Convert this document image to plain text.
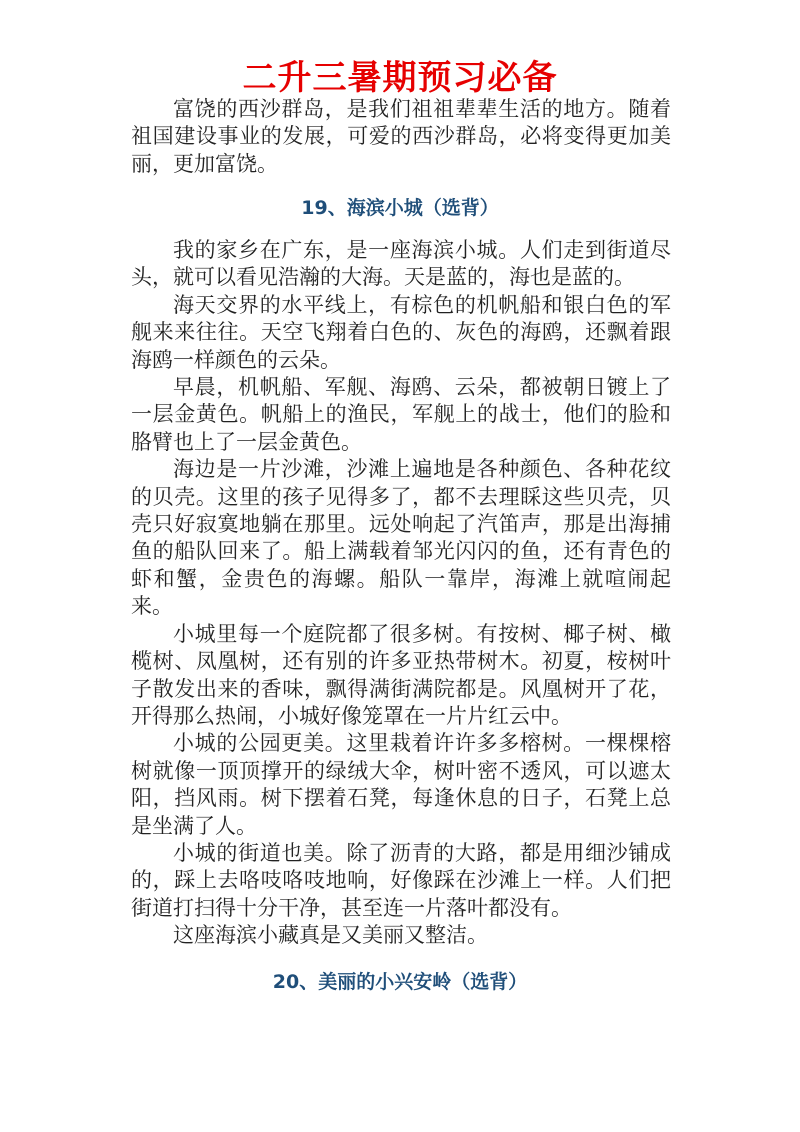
二升三暑期预习必备

富饶的西沙群岛，是我们祖祖辈辈生活的地方。随着祖国建设事业的发展，可爱的西沙群岛，必将变得更加美丽，更加富饶。

19、海滨小城（选背）

我的家乡在广东，是一座海滨小城。人们走到街道尽头，就可以看见浩瀚的大海。天是蓝的，海也是蓝的。

海天交界的水平线上，有棕色的机帆船和银白色的军舰来来往往。天空飞翔着白色的、灰色的海鸥，还飘着跟海鸥一样颜色的云朵。

早晨，机帆船、军舰、海鸥、云朵，都被朝日镀上了一层金黄色。帆船上的渔民，军舰上的战士，他们的脸和胳臂也上了一层金黄色。

海边是一片沙滩，沙滩上遍地是各种颜色、各种花纹的贝壳。这里的孩子见得多了，都不去理睬这些贝壳，贝壳只好寂寞地躺在那里。远处响起了汽笛声，那是出海捕鱼的船队回来了。船上满载着邹光闪闪的鱼，还有青色的虾和蟹，金贵色的海螺。船队一靠岸，海滩上就喧闹起来。

小城里每一个庭院都了很多树。有按树、椰子树、橄榄树、凤凰树，还有别的许多亚热带树木。初夏，桉树叶子散发出来的香味，飘得满街满院都是。风凰树开了花，开得那么热闹，小城好像笼罩在一片片红云中。

小城的公园更美。这里栽着许许多多榕树。一棵棵榕树就像一顶顶撑开的绿绒大伞，树叶密不透风，可以遮太阳，挡风雨。树下摆着石凳，每逢休息的日子，石凳上总是坐满了人。

小城的街道也美。除了沥青的大路，都是用细沙铺成的，踩上去咯吱咯吱地响，好像踩在沙滩上一样。人们把街道打扫得十分干净，甚至连一片落叶都没有。

这座海滨小藏真是又美丽又整洁。

20、美丽的小兴安岭（选背）
